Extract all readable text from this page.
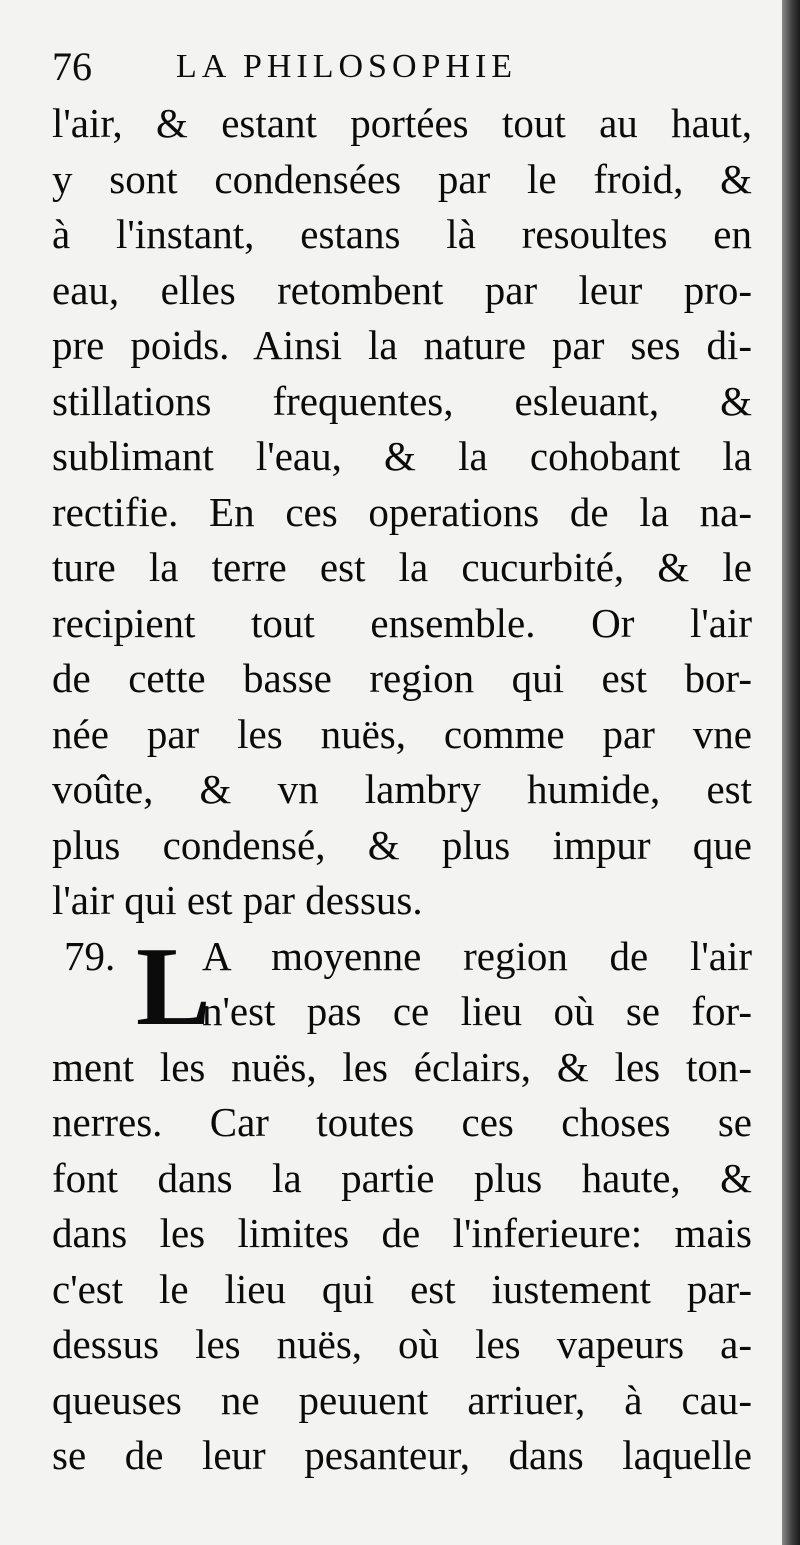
76 LA PHILOSOPHIE
l'air, & estant portées tout au haut,
y sont condensées par le froid, &
à l'instant, estans là resoultes en
eau, elles retombent par leur pro-
pre poids. Ainsi la nature par ses di-
stillations frequentes, esleuant, &
sublimant l'eau, & la cohobant la
rectifie. En ces operations de la na-
ture la terre est la cucurbité, & le
recipient tout ensemble. Or l'air
de cette basse region qui est bor-
née par les nuës, comme par vne
voûte, & vn lambry humide, est
plus condensé, & plus impur que
l'air qui est par dessus.
79. L
A moyenne region de l'air
n'est pas ce lieu où se for-
ment les nuës, les éclairs, & les ton-
nerres. Car toutes ces choses se
font dans la partie plus haute, &
dans les limites de l'inferieure: mais
c'est le lieu qui est iustement par-
dessus les nuës, où les vapeurs a-
queuses ne peuuent arriuer, à cau-
se de leur pesanteur, dans laquelle
